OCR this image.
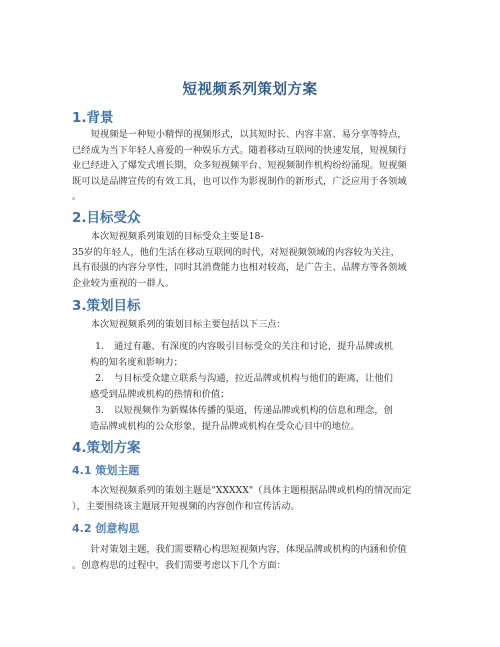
短视频系列策划方案
1.背景
　　短视频是一种短小精悍的视频形式，以其短时长、内容丰富、易分享等特点，
已经成为当下年轻人喜爱的一种娱乐方式。随着移动互联网的快速发展，短视频行
业已经进入了爆发式增长期，众多短视频平台、短视频制作机构纷纷涌现。短视频
既可以是品牌宣传的有效工具，也可以作为影视制作的新形式，广泛应用于各领域
。
2.目标受众
　　本次短视频系列策划的目标受众主要是18-
35岁的年轻人，他们生活在移动互联网的时代，对短视频领域的内容较为关注，
具有很强的内容分享性，同时其消费能力也相对较高，是广告主、品牌方等各领域
企业较为重视的一群人。
3.策划目标
　　本次短视频系列的策划目标主要包括以下三点：
1. 通过有趣、有深度的内容吸引目标受众的关注和讨论，提升品牌或机
构的知名度和影响力；
2. 与目标受众建立联系与沟通，拉近品牌或机构与他们的距离，让他们
感受到品牌或机构的热情和价值；
3. 以短视频作为新媒体传播的渠道，传递品牌或机构的信息和理念，创
造品牌或机构的公众形象，提升品牌或机构在受众心目中的地位。
4.策划方案
4.1 策划主题
　　本次短视频系列的策划主题是"XXXXX"（具体主题根据品牌或机构的情况而定
），主要围绕该主题展开短视频的内容创作和宣传活动。
4.2 创意构思
　　针对策划主题，我们需要精心构思短视频内容，体现品牌或机构的内涵和价值
。创意构思的过程中，我们需要考虑以下几个方面：
